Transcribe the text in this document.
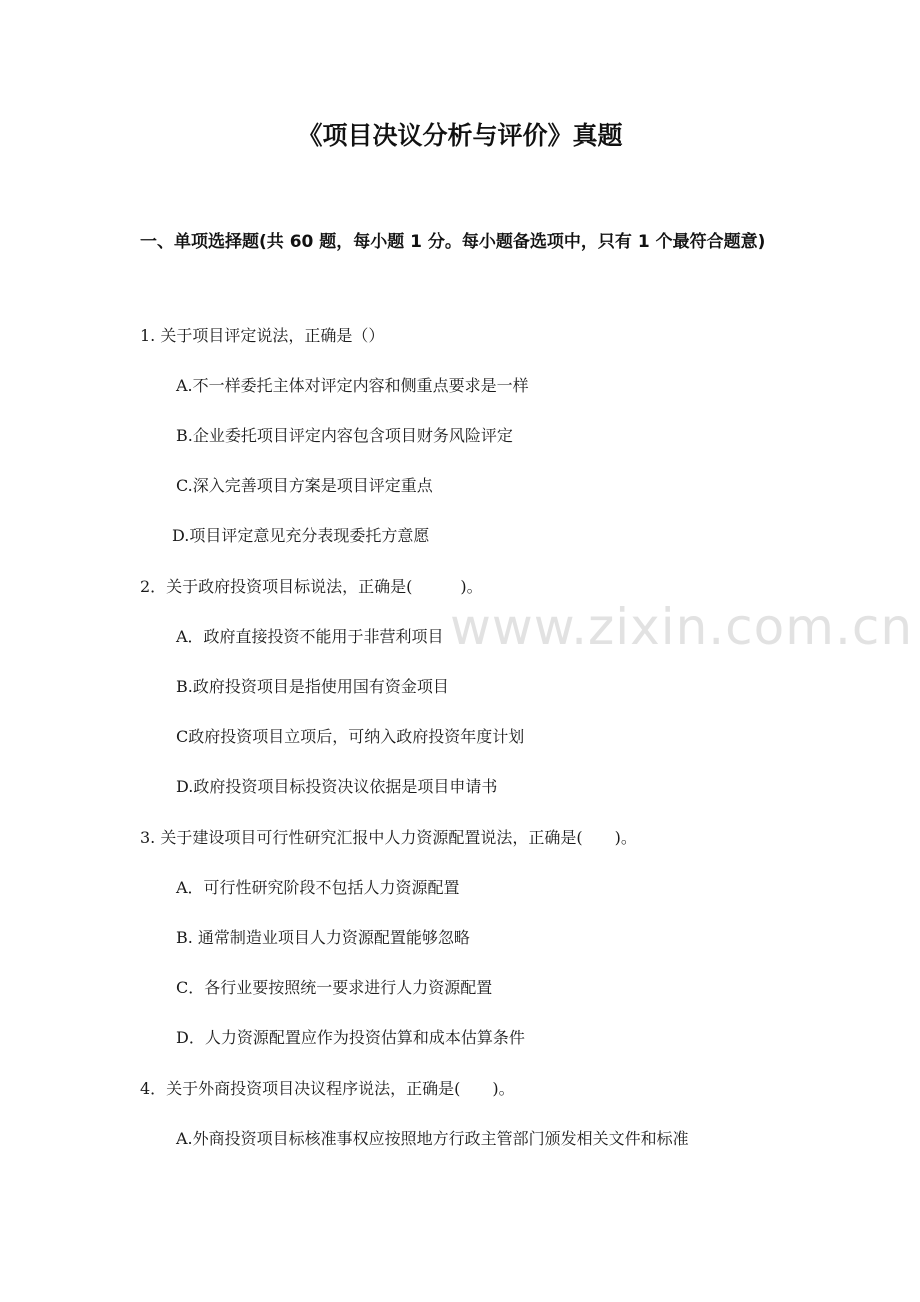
《项目决议分析与评价》真题
一、单项选择题(共 60 题，每小题 1 分。每小题备选项中，只有 1 个最符合题意)
1. 关于项目评定说法，正确是（）
A.不一样委托主体对评定内容和侧重点要求是一样
B.企业委托项目评定内容包含项目财务风险评定
C.深入完善项目方案是项目评定重点
D.项目评定意见充分表现委托方意愿
2．关于政府投资项目标说法，正确是(　　　)。
A．政府直接投资不能用于非营利项目
B.政府投资项目是指使用国有资金项目
C政府投资项目立项后，可纳入政府投资年度计划
D.政府投资项目标投资决议依据是项目申请书
3. 关于建设项目可行性研究汇报中人力资源配置说法，正确是(　　)。
A．可行性研究阶段不包括人力资源配置
B. 通常制造业项目人力资源配置能够忽略
C．各行业要按照统一要求进行人力资源配置
D．人力资源配置应作为投资估算和成本估算条件
4．关于外商投资项目决议程序说法，正确是(　　)。
A.外商投资项目标核准事权应按照地方行政主管部门颁发相关文件和标准
www.zixin.com.cn
